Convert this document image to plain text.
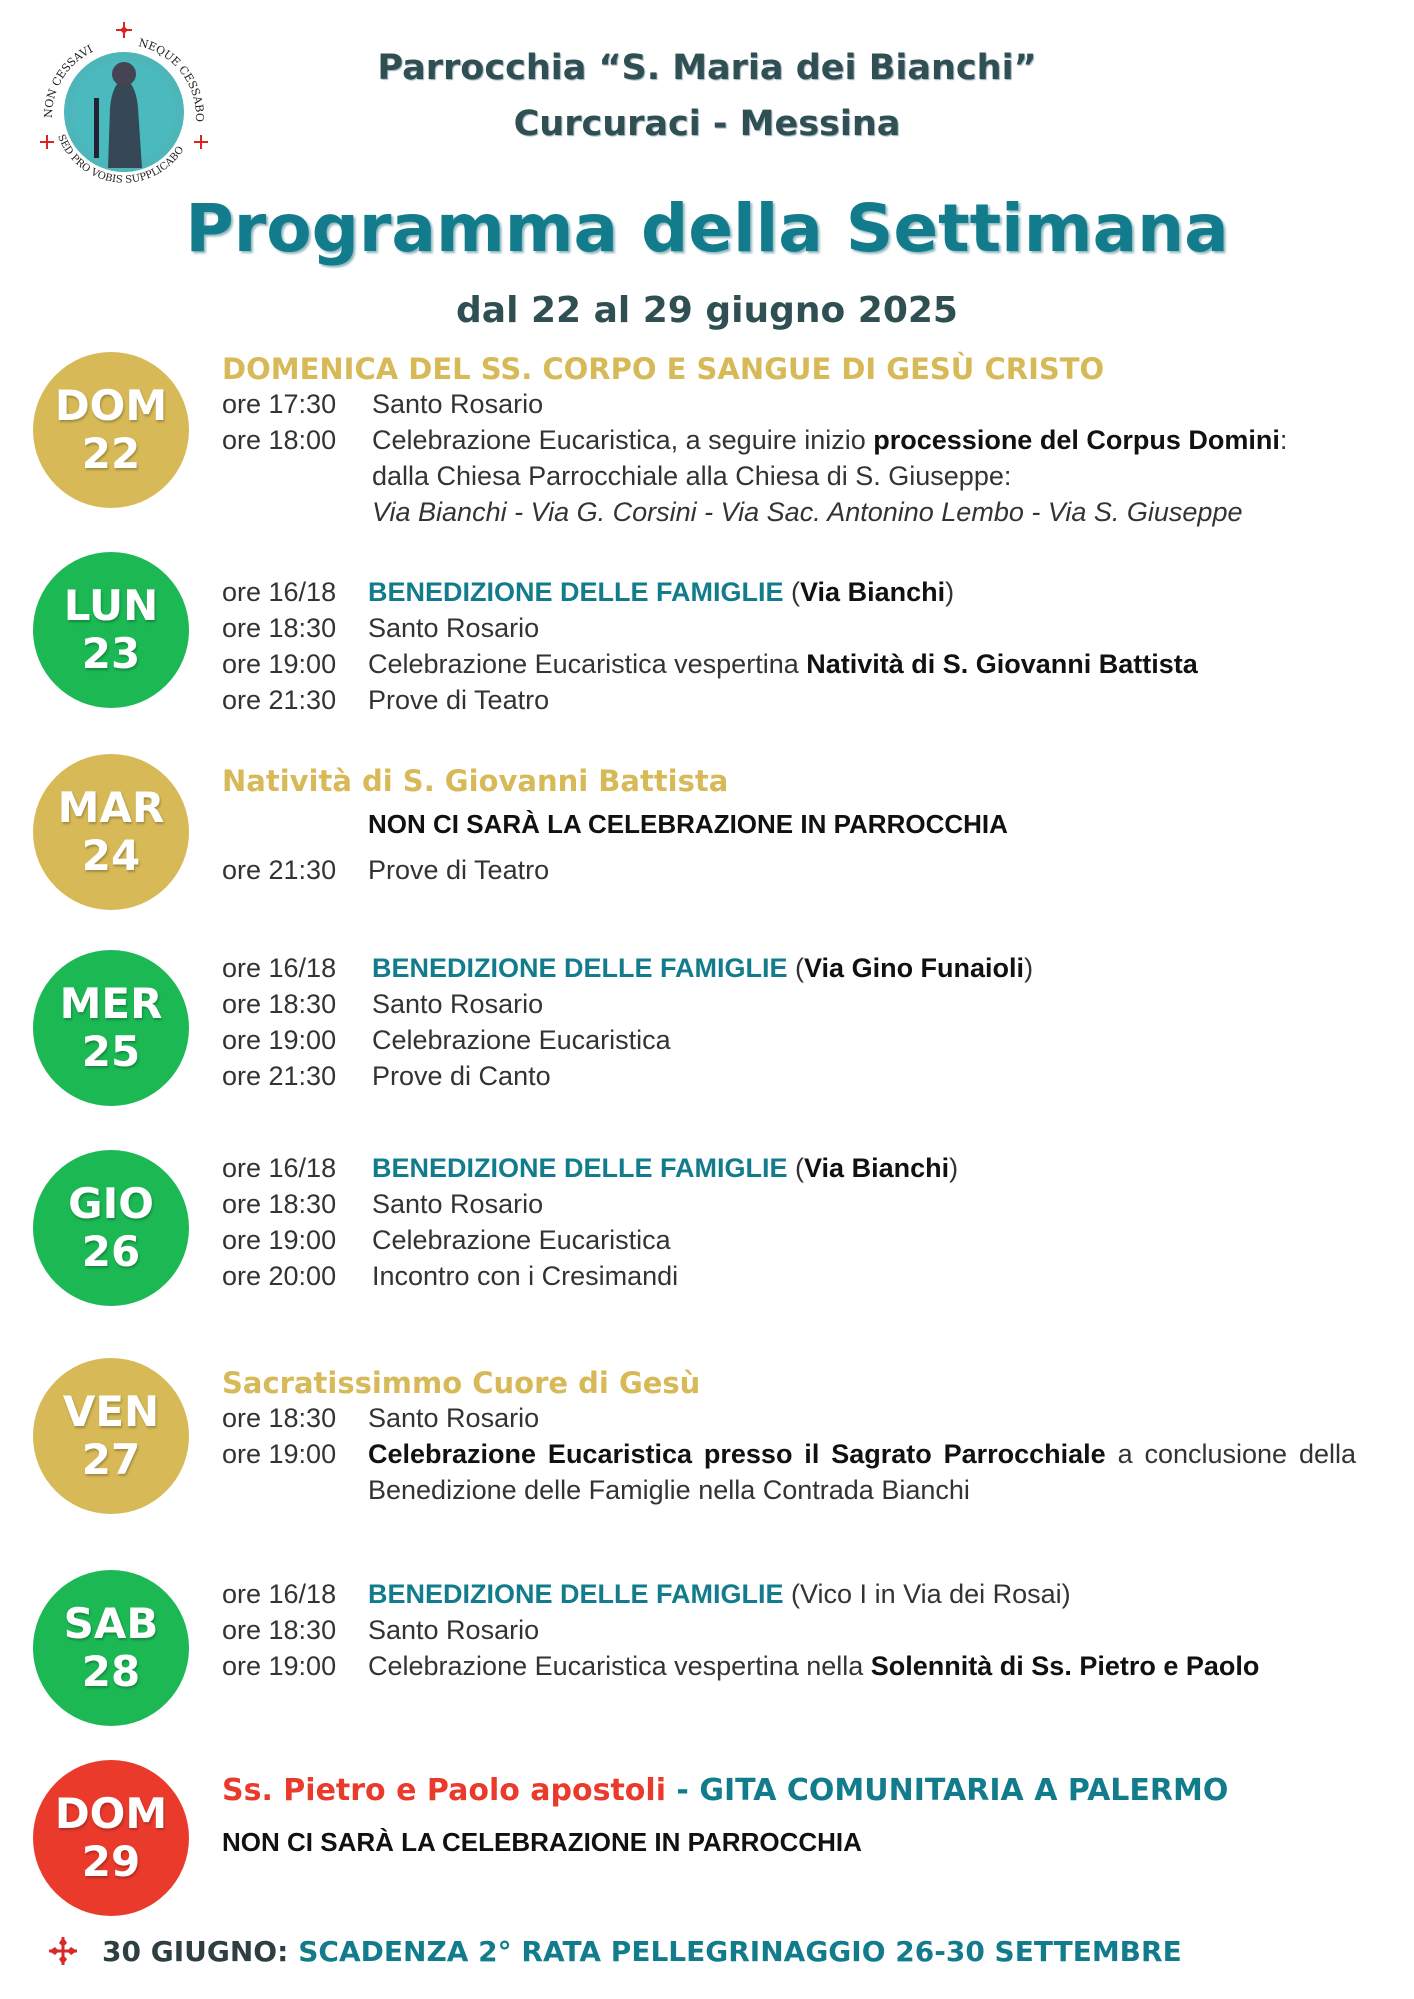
NON CESSAVI	NEQUE CESSABO
SED PRO VOBIS SUPPLICABO
Parrocchia “S. Maria dei Bianchi”
Curcuraci - Messina
Programma della Settimana
dal 22 al 29 giugno 2025
DOM
22
DOMENICA DEL SS. CORPO E SANGUE DI GESÙ CRISTO
ore 17:30	Santo Rosario
ore 18:00	Celebrazione Eucaristica, a seguire inizio processione del Corpus Domini:
dalla Chiesa Parrocchiale alla Chiesa di S. Giuseppe:
Via Bianchi - Via G. Corsini - Via Sac. Antonino Lembo - Via S. Giuseppe
LUN
23
ore 16/18	BENEDIZIONE DELLE FAMIGLIE (Via Bianchi)
ore 18:30	Santo Rosario
ore 19:00	Celebrazione Eucaristica vespertina Natività di S. Giovanni Battista
ore 21:30	Prove di Teatro
MAR
24
Natività di S. Giovanni Battista
NON CI SARÀ LA CELEBRAZIONE IN PARROCCHIA
ore 21:30	Prove di Teatro
MER
25
ore 16/18	BENEDIZIONE DELLE FAMIGLIE (Via Gino Funaioli)
ore 18:30	Santo Rosario
ore 19:00	Celebrazione Eucaristica
ore 21:30	Prove di Canto
GIO
26
ore 16/18	BENEDIZIONE DELLE FAMIGLIE (Via Bianchi)
ore 18:30	Santo Rosario
ore 19:00	Celebrazione Eucaristica
ore 20:00	Incontro con i Cresimandi
VEN
27
Sacratissimmo Cuore di Gesù
ore 18:30	Santo Rosario
ore 19:00	Celebrazione Eucaristica presso il Sagrato Parrocchiale a conclusione della Benedizione delle Famiglie nella Contrada Bianchi
SAB
28
ore 16/18	BENEDIZIONE DELLE FAMIGLIE (Vico I in Via dei Rosai)
ore 18:30	Santo Rosario
ore 19:00	Celebrazione Eucaristica vespertina nella Solennità di Ss. Pietro e Paolo
DOM
29
Ss. Pietro e Paolo apostoli - GITA COMUNITARIA A PALERMO
NON CI SARÀ LA CELEBRAZIONE IN PARROCCHIA
30 GIUGNO: SCADENZA 2° RATA PELLEGRINAGGIO 26-30 SETTEMBRE
